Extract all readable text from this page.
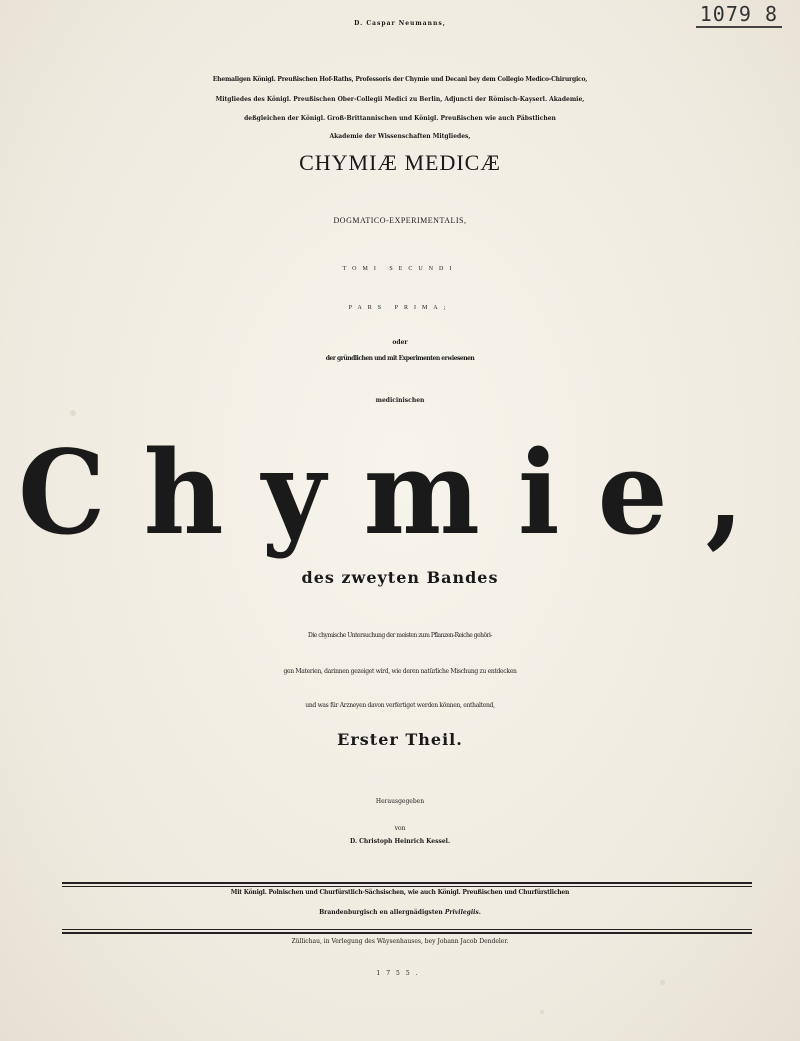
1079 8
D. Caspar Neumanns,
Ehemaligen Königl. Preußischen Hof-Raths, Professoris der Chymie und Decani bey dem Collegio Medico-Chirurgico,
Mitgliedes des Königl. Preußischen Ober-Collegii Medici zu Berlin, Adjuncti der Römisch-Kayserl. Akademie,
deßgleichen der Königl. Groß-Brittannischen und Königl. Preußischen wie auch Päbstlichen
Akademie der Wissenschaften Mitgliedes,
CHYMIÆ MEDICÆ
DOGMATICO-EXPERIMENTALIS,
TOMI SECUNDI
PARS PRIMA;
oder
der gründlichen und mit Experimenten erwiesenen
medicinischen
Chymie,
des zweyten Bandes
Die chymische Untersuchung der meisten zum Pflanzen-Reiche gehöri-
gen Materien, darinnen gezeiget wird, wie deren natürliche Mischung zu entdecken
und was für Arzneyen davon verfertiget werden können, enthaltend,
Erster Theil.
Herausgegeben
von
D. Christoph Heinrich Kessel.
Mit Königl. Polnischen und Churfürstlich-Sächsischen, wie auch Königl. Preußischen und Churfürstlichen
Brandenburgisch en allergnädigsten Privilegiis.
Züllichau, in Verlegung des Wäysenhauses, bey Johann Jacob Dendeler.
1755.
